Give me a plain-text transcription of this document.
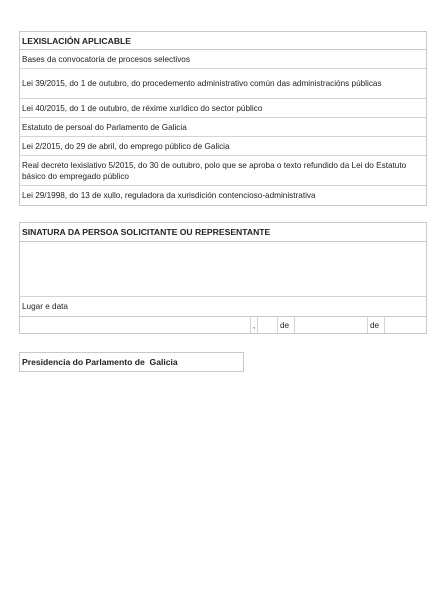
LEXISLACIÓN APLICABLE
Bases da convocatoria de procesos selectivos
Lei 39/2015, do 1 de outubro, do procedemento administrativo común das administracións públicas
Lei 40/2015, do 1 de outubro, de réxime xurídico do sector público
Estatuto de persoal do Parlamento de Galicia
Lei 2/2015, do 29 de abril, do emprego público de Galicia
Real decreto lexislativo 5/2015, do 30 de outubro, polo que se aproba o texto refundido da Lei do Estatuto básico do empregado público
Lei 29/1998, do 13 de xullo, reguladora da xurisdición contencioso-administrativa
SINATURA DA PERSOA SOLICITANTE OU REPRESENTANTE
Lugar e data
,	de	de
Presidencia do Parlamento de  Galicia
